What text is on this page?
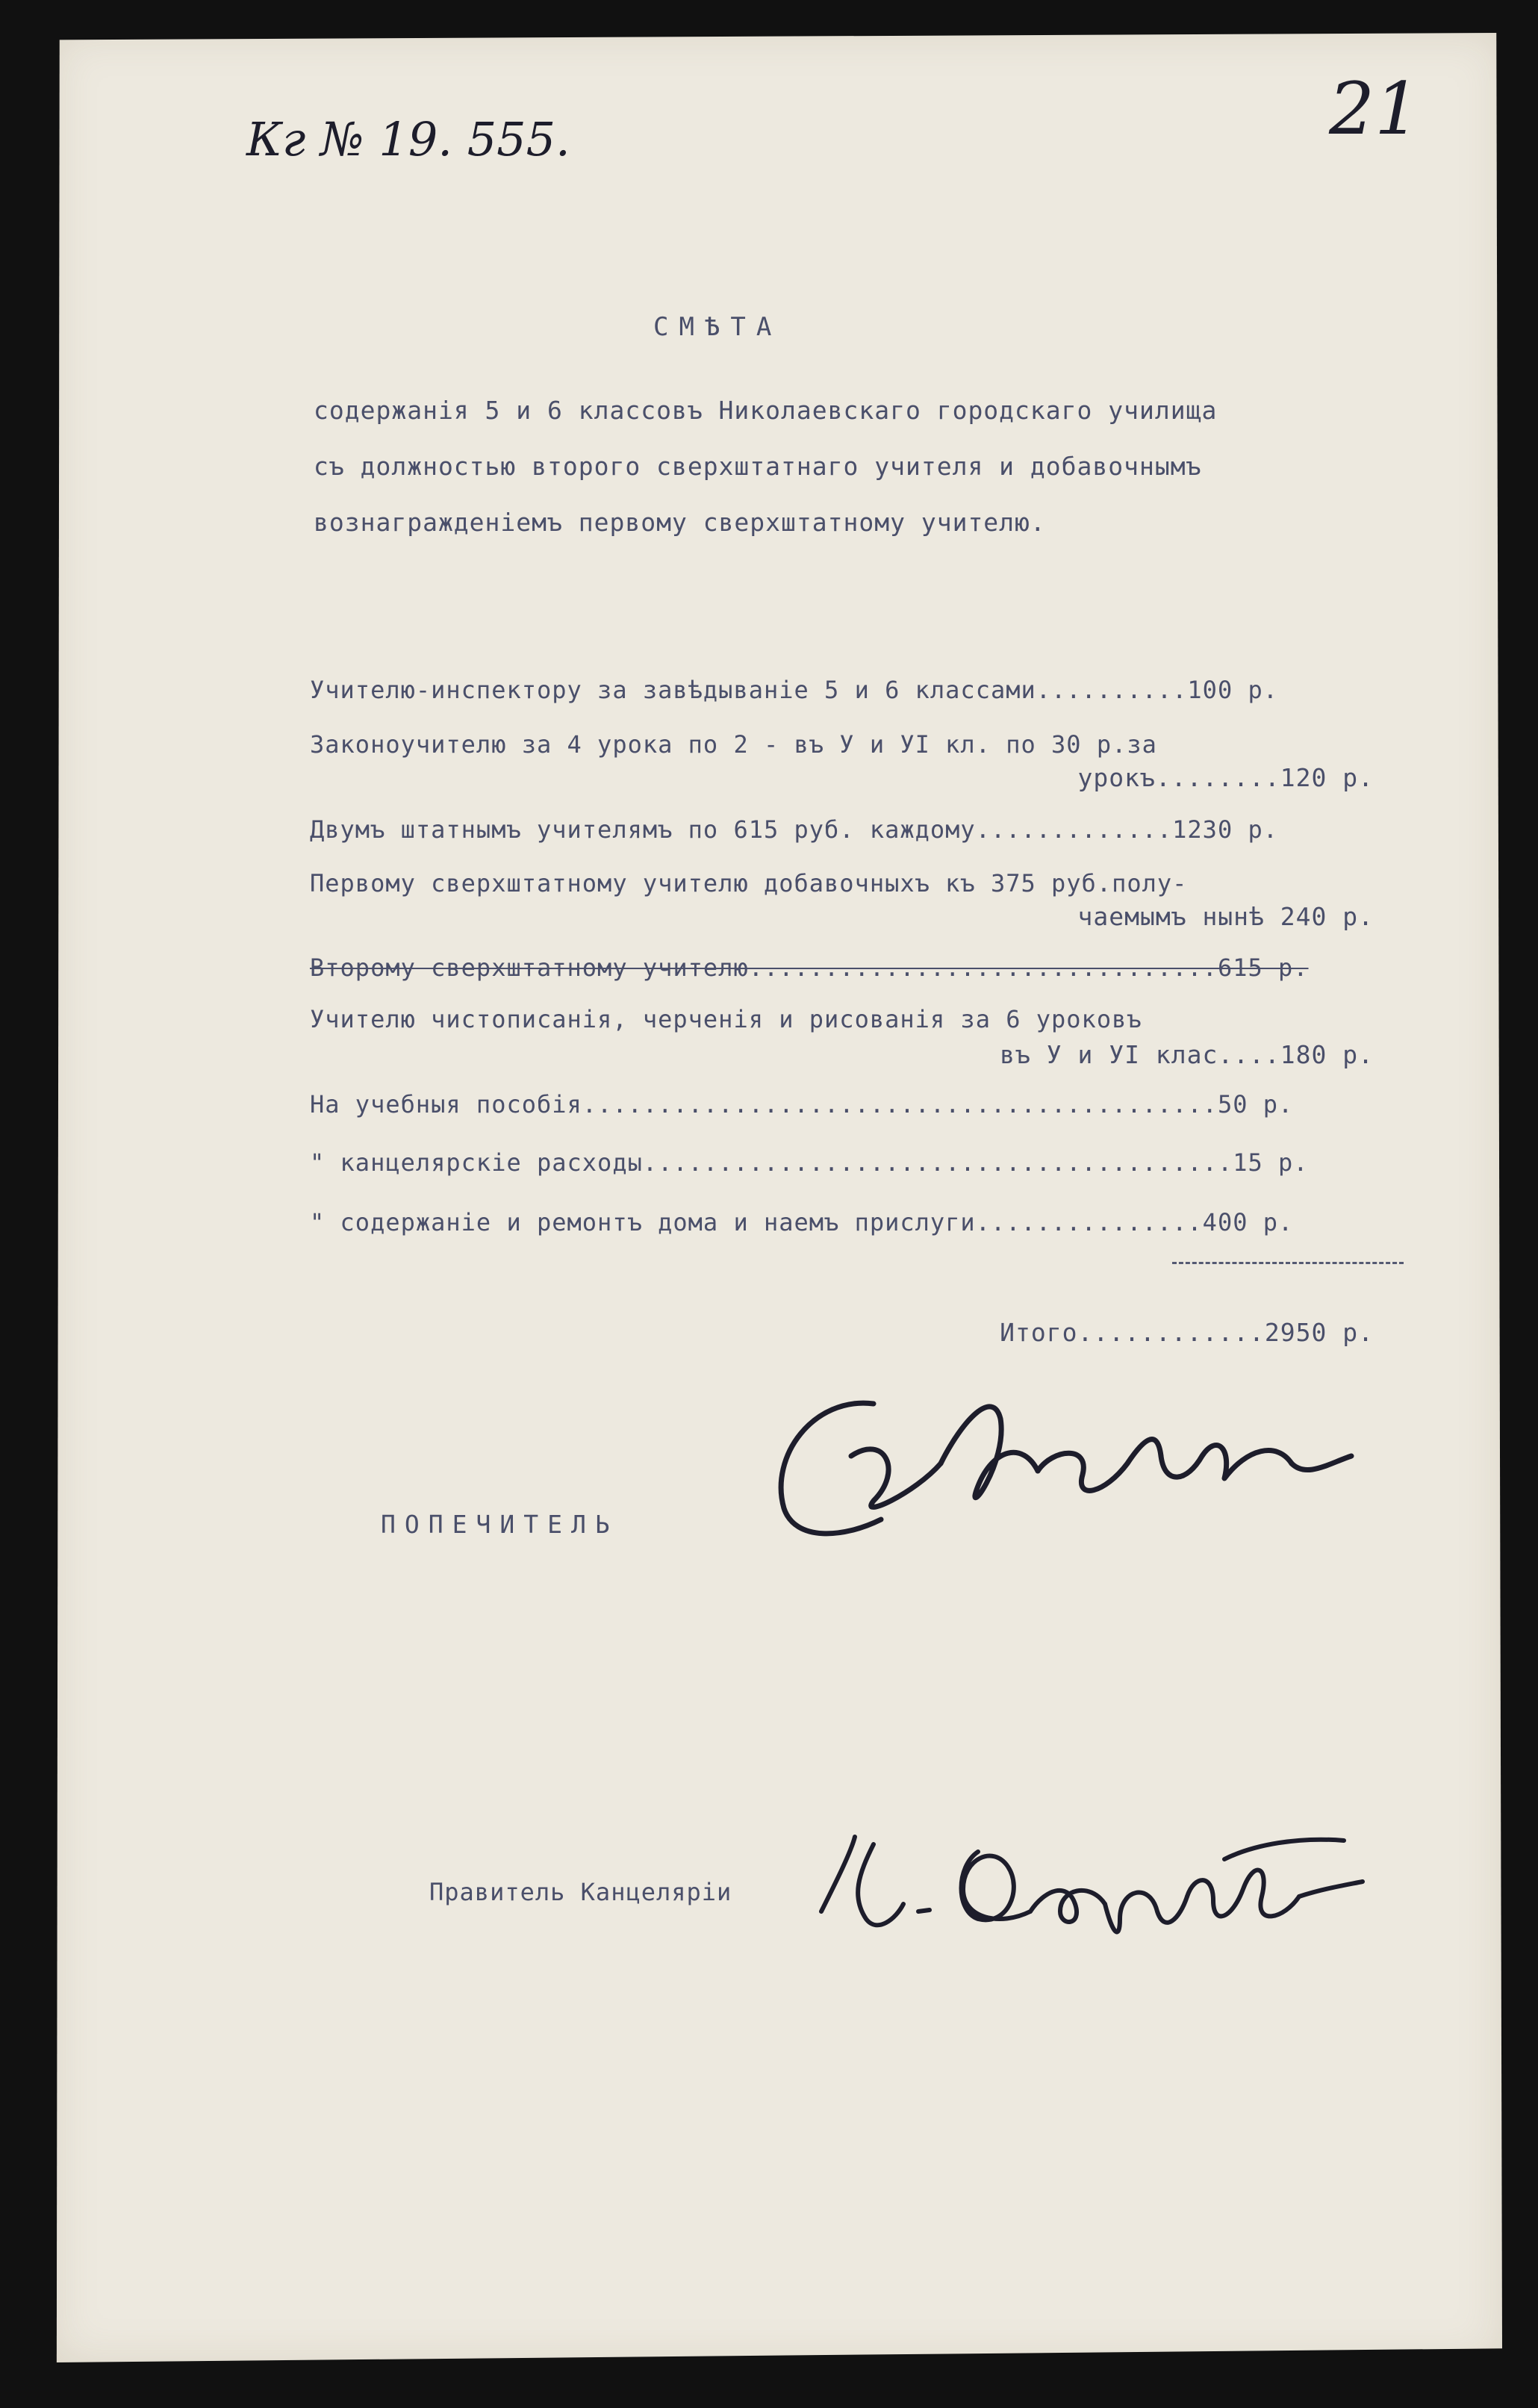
Кг № 19. 555.	21
СМѢТА
содержанія 5 и 6 классовъ Николаевскаго городскаго училища
съ должностью второго сверхштатнаго учителя и добавочнымъ
вознагражденіемъ первому сверхштатному учителю.
Учителю-инспектору за завѣдываніе 5 и 6 классами..........100 р.
Законоучителю за 4 урока по 2 - въ У и УI кл. по 30 р.за
урокъ........120 р.
Двумъ штатнымъ учителямъ по 615 руб. каждому.............1230 р.
Первому сверхштатному учителю добавочныхъ къ 375 руб.полу-
чаемымъ нынѣ 240 р.
Второму сверхштатному учителю...............................615 р.
Учителю чистописанія, черченія и рисованія за 6 уроковъ
въ У и УI клас....180 р.
На учебныя пособія..........................................50 р.
" канцелярскіе расходы.......................................15 р.
" содержаніе и ремонтъ дома и наемъ прислуги...............400 р.
Итого............2950 р.
ПОПЕЧИТЕЛЬ
Правитель Канцеляріи
